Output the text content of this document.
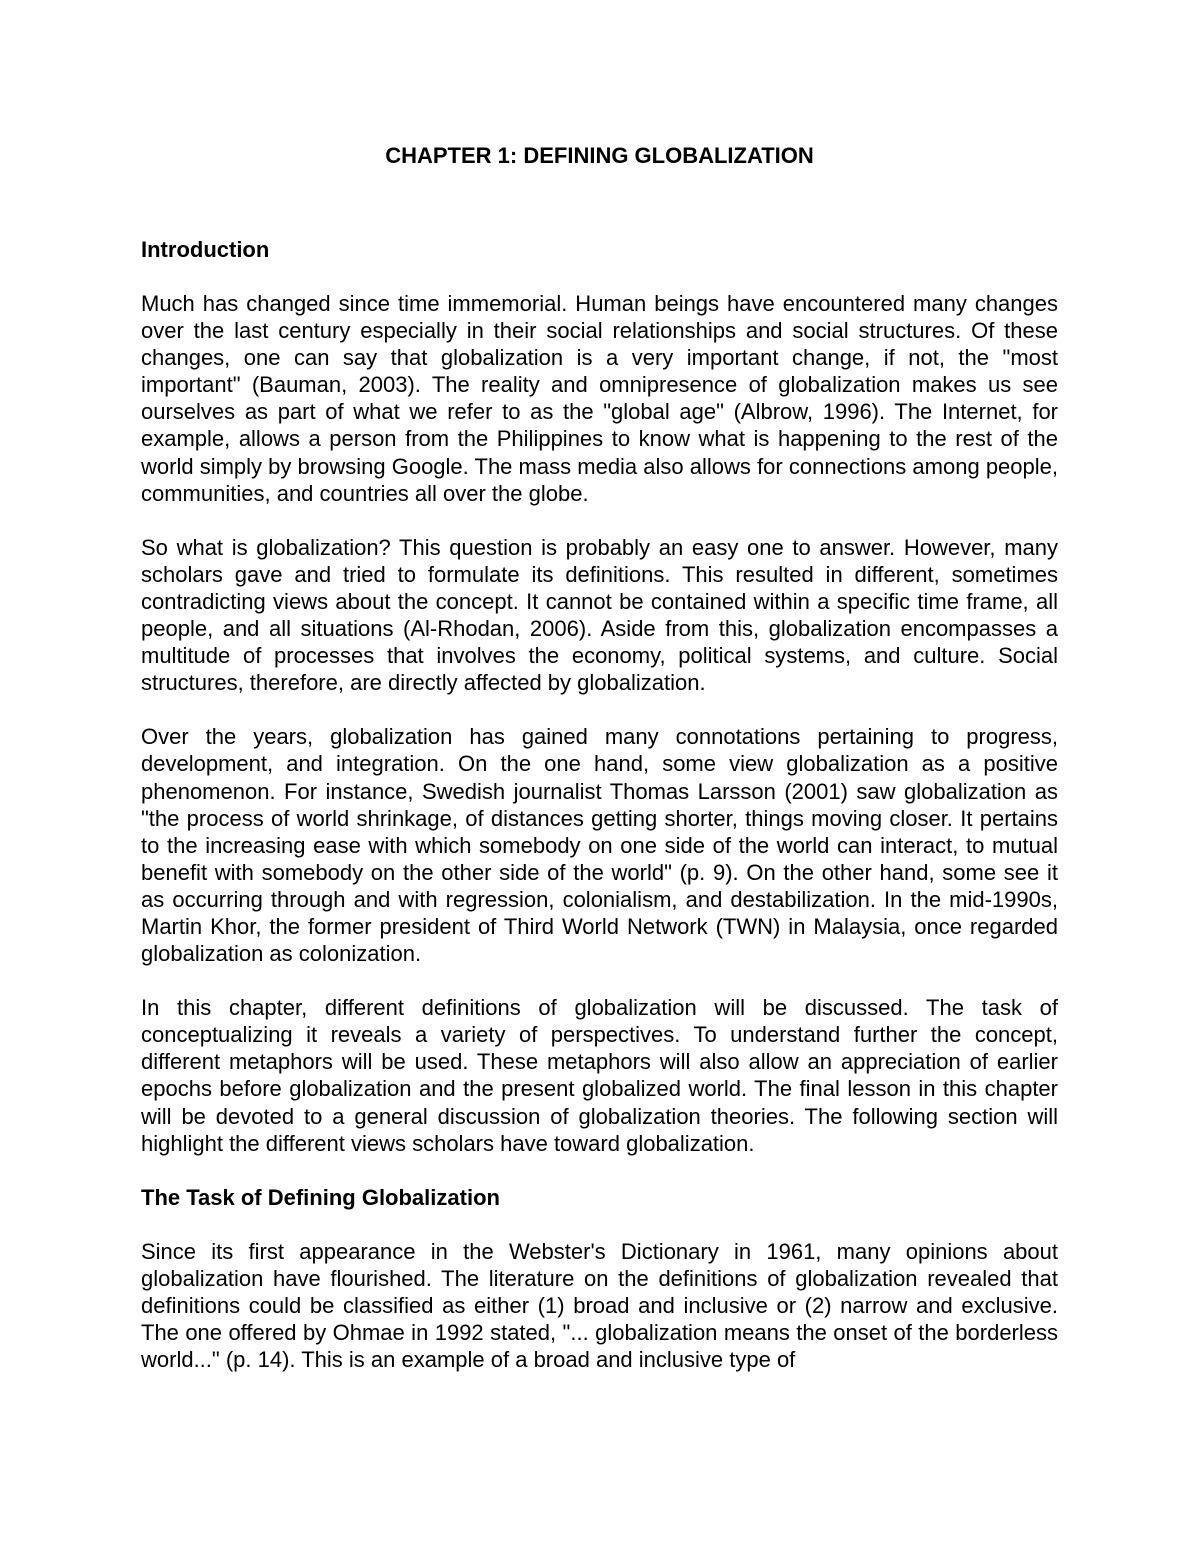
CHAPTER 1: DEFINING GLOBALIZATION
Introduction

Much has changed since time immemorial. Human beings have encountered many changes over the last century especially in their social relationships and social structures. Of these changes, one can say that globalization is a very important change, if not, the "most important" (Bauman, 2003). The reality and omnipresence of globalization makes us see ourselves as part of what we refer to as the "global age" (Albrow, 1996). The Internet, for example, allows a person from the Philippines to know what is happening to the rest of the world simply by browsing Google. The mass media also allows for connections among people, communities, and countries all over the globe.

So what is globalization? This question is probably an easy one to answer. However, many scholars gave and tried to formulate its definitions. This resulted in different, sometimes contradicting views about the concept. It cannot be contained within a specific time frame, all people, and all situations (Al-Rhodan, 2006). Aside from this, globalization encompasses a multitude of processes that involves the economy, political systems, and culture. Social structures, therefore, are directly affected by globalization.

Over the years, globalization has gained many connotations pertaining to progress, development, and integration. On the one hand, some view globalization as a positive phenomenon. For instance, Swedish journalist Thomas Larsson (2001) saw globalization as "the process of world shrinkage, of distances getting shorter, things moving closer. It pertains to the increasing ease with which somebody on one side of the world can interact, to mutual benefit with somebody on the other side of the world" (p. 9). On the other hand, some see it as occurring through and with regression, colonialism, and destabilization. In the mid-1990s, Martin Khor, the former president of Third World Network (TWN) in Malaysia, once regarded globalization as colonization.

In this chapter, different definitions of globalization will be discussed. The task of conceptualizing it reveals a variety of perspectives. To understand further the concept, different metaphors will be used. These metaphors will also allow an appreciation of earlier epochs before globalization and the present globalized world. The final lesson in this chapter will be devoted to a general discussion of globalization theories. The following section will highlight the different views scholars have toward globalization.

The Task of Defining Globalization

Since its first appearance in the Webster's Dictionary in 1961, many opinions about globalization have flourished. The literature on the definitions of globalization revealed that definitions could be classified as either (1) broad and inclusive or (2) narrow and exclusive. The one offered by Ohmae in 1992 stated, "... globalization means the onset of the borderless world..." (p. 14). This is an example of a broad and inclusive type of
